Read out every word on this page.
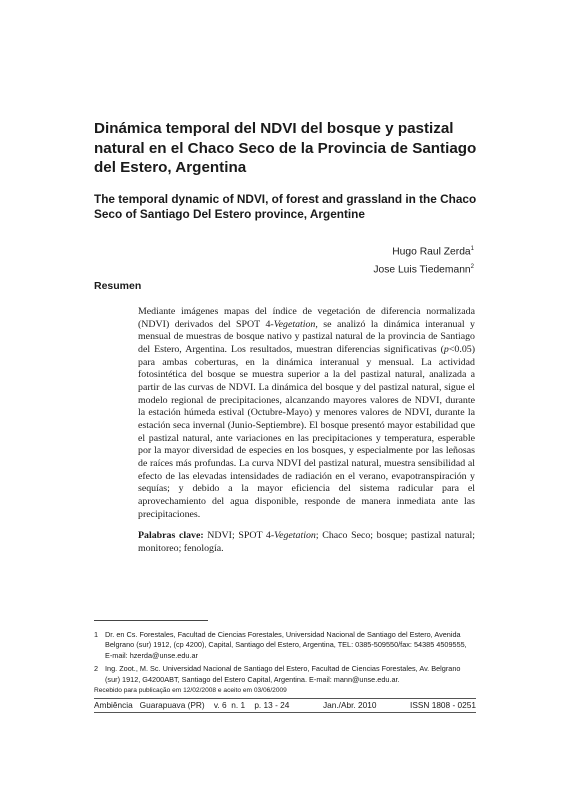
Dinámica temporal del NDVI del bosque y pastizal natural en el Chaco Seco de la Provincia de Santiago del Estero, Argentina
The temporal dynamic of NDVI, of forest and grassland in the Chaco Seco of Santiago Del Estero province, Argentine
Hugo Raul Zerda$^1$
Jose Luis Tiedemann$^2$
Resumen

Mediante imágenes mapas del índice de vegetación de diferencia normalizada (NDVI) derivados del SPOT 4-Vegetation, se analizó la dinámica interanual y mensual de muestras de bosque nativo y pastizal natural de la provincia de Santiago del Estero, Argentina. Los resultados, muestran diferencias significativas (p<0.05) para ambas coberturas, en la dinámica interanual y mensual. La actividad fotosintética del bosque se muestra superior a la del pastizal natural, analizada a partir de las curvas de NDVI. La dinámica del bosque y del pastizal natural, sigue el modelo regional de precipitaciones, alcanzando mayores valores de NDVI, durante la estación húmeda estival (Octubre-Mayo) y menores valores de NDVI, durante la estación seca invernal (Junio-Septiembre). El bosque presentó mayor estabilidad que el pastizal natural, ante variaciones en las precipitaciones y temperatura, esperable por la mayor diversidad de especies en los bosques, y especialmente por las leñosas de raíces más profundas. La curva NDVI del pastizal natural, muestra sensibilidad al efecto de las elevadas intensidades de radiación en el verano, evapotranspiración y sequías; y debido a la mayor eficiencia del sistema radicular para el aprovechamiento del agua disponible, responde de manera inmediata ante las precipitaciones.

Palabras clave: NDVI; SPOT 4-Vegetation; Chaco Seco; bosque; pastizal natural; monitoreo; fenología.

1 Dr. en Cs. Forestales, Facultad de Ciencias Forestales, Universidad Nacional de Santiago del Estero, Avenida Belgrano (sur) 1912, (cp 4200), Capital, Santiago del Estero, Argentina, TEL: 0385-509550/fax: 54385 4509555, E-mail: hzerda@unse.edu.ar
2 Ing. Zoot., M. Sc. Universidad Nacional de Santiago del Estero, Facultad de Ciencias Forestales, Av. Belgrano (sur) 1912, G4200ABT, Santiago del Estero Capital, Argentina. E-mail: mann@unse.edu.ar.
Recebido para publicação em 12/02/2008 e aceito em 03/06/2009
Ambiência   Guarapuava (PR)    v. 6  n. 1    p. 13 - 24	Jan./Abr. 2010	ISSN 1808 - 0251
